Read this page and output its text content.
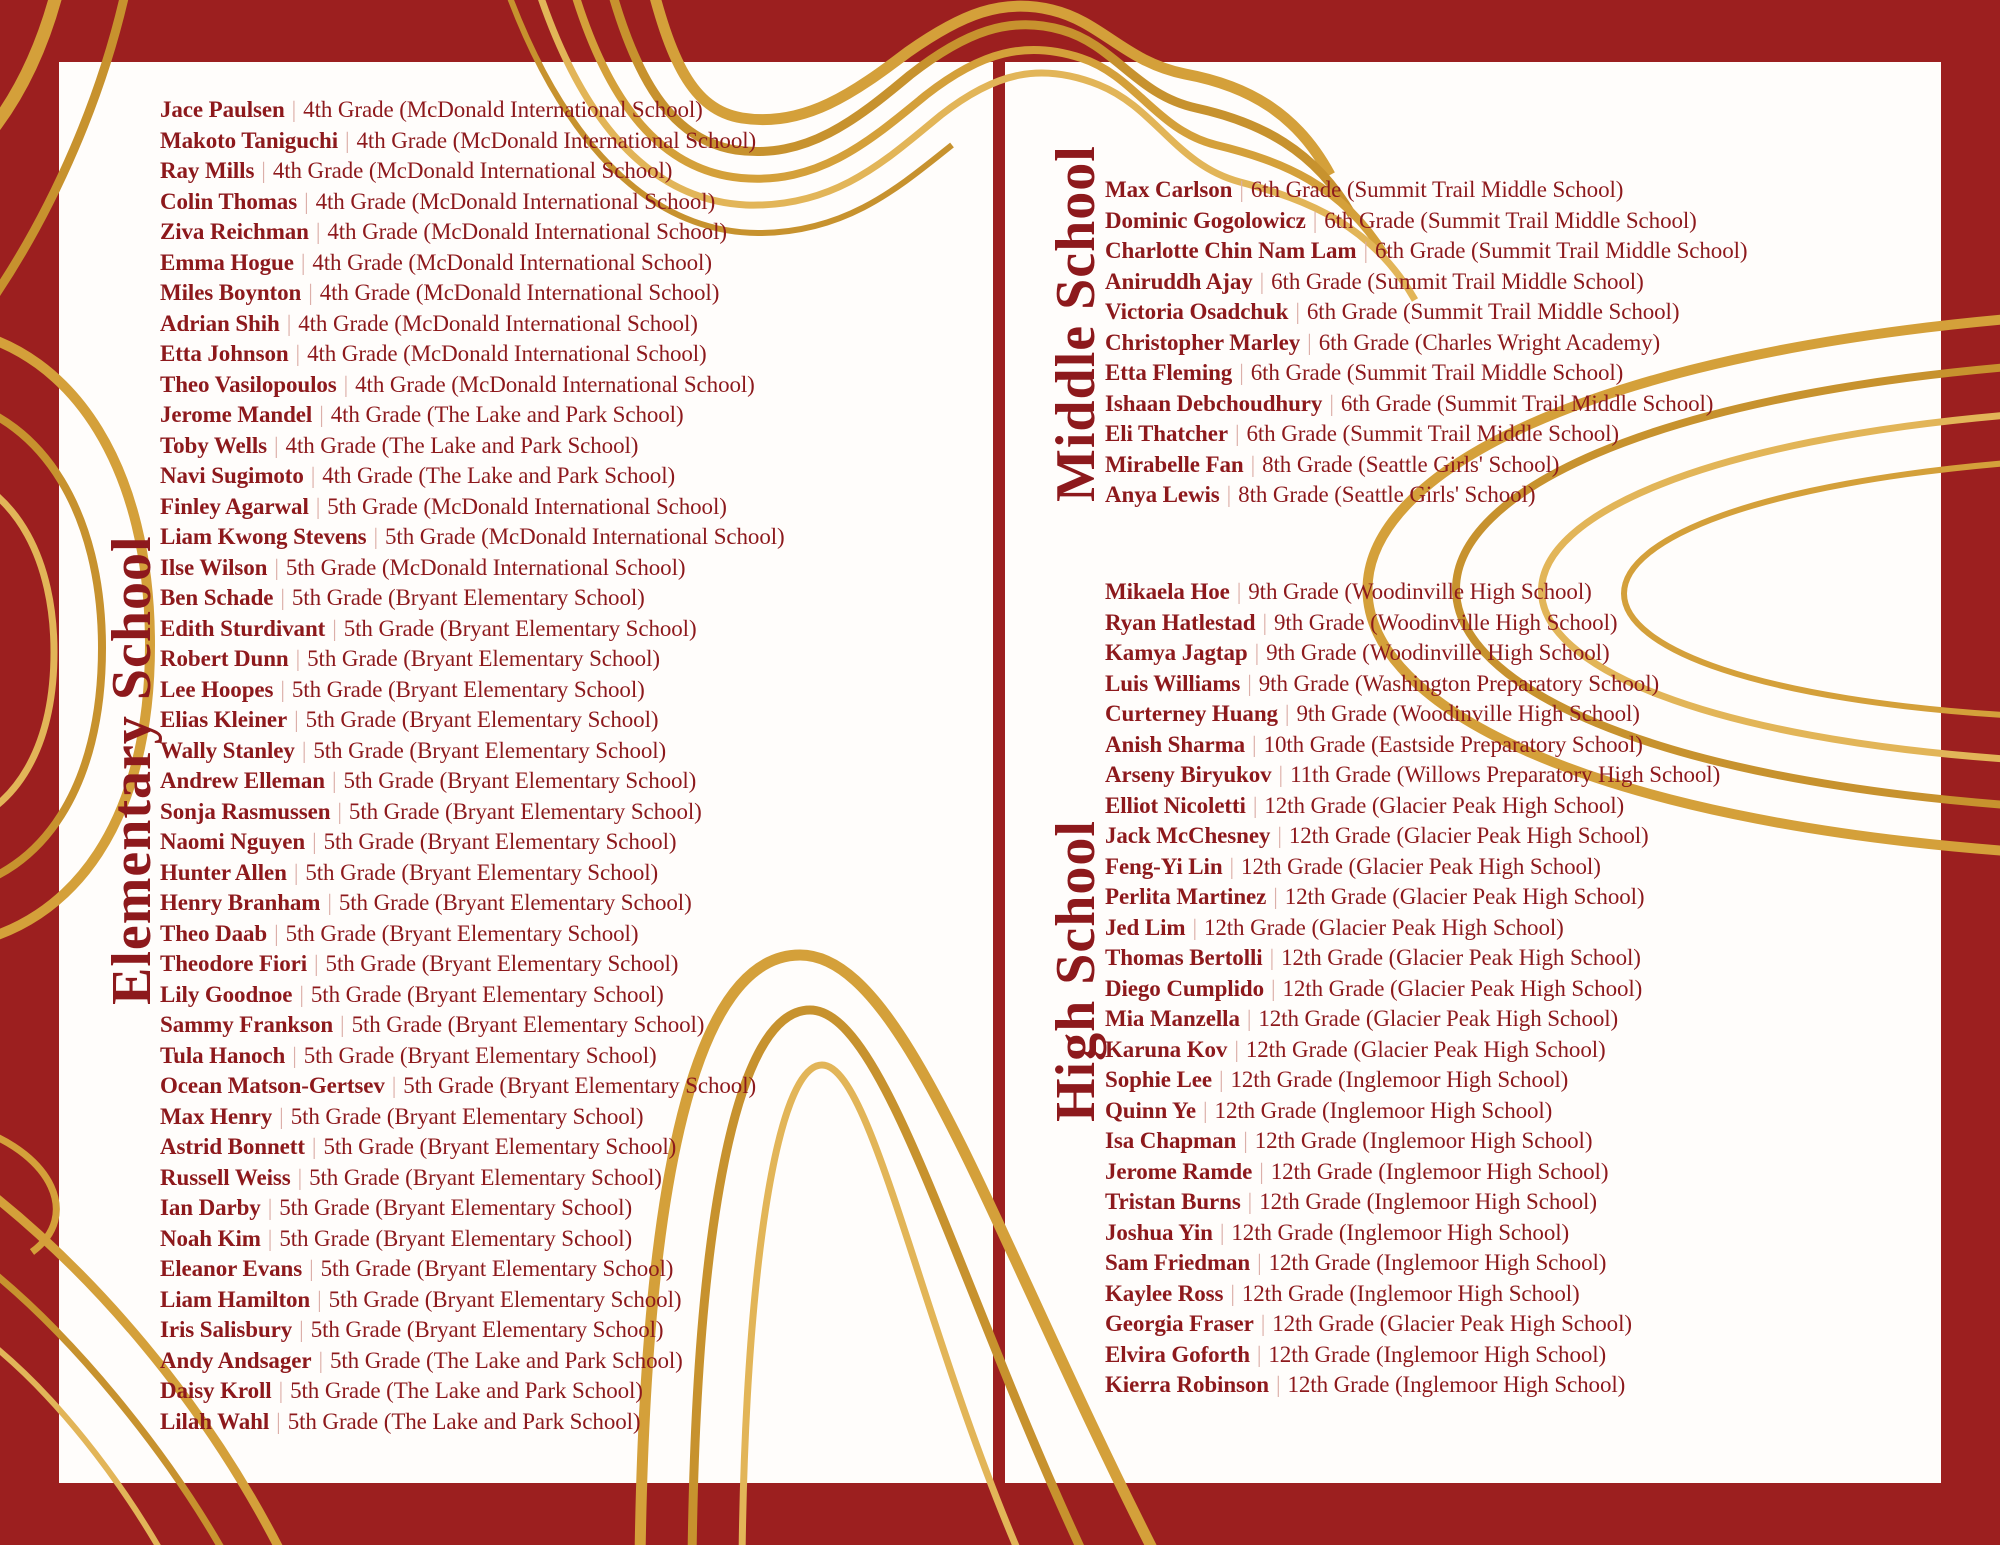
Elementary School
Middle School
High School
Jace Paulsen | 4th Grade (McDonald International School)
Makoto Taniguchi | 4th Grade (McDonald International School)
Ray Mills | 4th Grade (McDonald International School)
Colin Thomas | 4th Grade (McDonald International School)
Ziva Reichman | 4th Grade (McDonald International School)
Emma Hogue | 4th Grade (McDonald International School)
Miles Boynton | 4th Grade (McDonald International School)
Adrian Shih | 4th Grade (McDonald International School)
Etta Johnson | 4th Grade (McDonald International School)
Theo Vasilopoulos | 4th Grade (McDonald International School)
Jerome Mandel | 4th Grade (The Lake and Park School)
Toby Wells | 4th Grade (The Lake and Park School)
Navi Sugimoto | 4th Grade (The Lake and Park School)
Finley Agarwal | 5th Grade (McDonald International School)
Liam Kwong Stevens | 5th Grade (McDonald International School)
Ilse Wilson | 5th Grade (McDonald International School)
Ben Schade | 5th Grade (Bryant Elementary School)
Edith Sturdivant | 5th Grade (Bryant Elementary School)
Robert Dunn | 5th Grade (Bryant Elementary School)
Lee Hoopes | 5th Grade (Bryant Elementary School)
Elias Kleiner | 5th Grade (Bryant Elementary School)
Wally Stanley | 5th Grade (Bryant Elementary School)
Andrew Elleman | 5th Grade (Bryant Elementary School)
Sonja Rasmussen | 5th Grade (Bryant Elementary School)
Naomi Nguyen | 5th Grade (Bryant Elementary School)
Hunter Allen | 5th Grade (Bryant Elementary School)
Henry Branham | 5th Grade (Bryant Elementary School)
Theo Daab | 5th Grade (Bryant Elementary School)
Theodore Fiori | 5th Grade (Bryant Elementary School)
Lily Goodnoe | 5th Grade (Bryant Elementary School)
Sammy Frankson | 5th Grade (Bryant Elementary School)
Tula Hanoch | 5th Grade (Bryant Elementary School)
Ocean Matson-Gertsev | 5th Grade (Bryant Elementary School)
Max Henry | 5th Grade (Bryant Elementary School)
Astrid Bonnett | 5th Grade (Bryant Elementary School)
Russell Weiss | 5th Grade (Bryant Elementary School)
Ian Darby | 5th Grade (Bryant Elementary School)
Noah Kim | 5th Grade (Bryant Elementary School)
Eleanor Evans | 5th Grade (Bryant Elementary School)
Liam Hamilton | 5th Grade (Bryant Elementary School)
Iris Salisbury | 5th Grade (Bryant Elementary School)
Andy Andsager | 5th Grade (The Lake and Park School)
Daisy Kroll | 5th Grade (The Lake and Park School)
Lilah Wahl | 5th Grade (The Lake and Park School)
Max Carlson | 6th Grade (Summit Trail Middle School)
Dominic Gogolowicz | 6th Grade (Summit Trail Middle School)
Charlotte Chin Nam Lam | 6th Grade (Summit Trail Middle School)
Aniruddh Ajay | 6th Grade (Summit Trail Middle School)
Victoria Osadchuk | 6th Grade (Summit Trail Middle School)
Christopher Marley | 6th Grade (Charles Wright Academy)
Etta Fleming | 6th Grade (Summit Trail Middle School)
Ishaan Debchoudhury | 6th Grade (Summit Trail Middle School)
Eli Thatcher | 6th Grade (Summit Trail Middle School)
Mirabelle Fan | 8th Grade (Seattle Girls' School)
Anya Lewis | 8th Grade (Seattle Girls' School)
Mikaela Hoe | 9th Grade (Woodinville High School)
Ryan Hatlestad | 9th Grade (Woodinville High School)
Kamya Jagtap | 9th Grade (Woodinville High School)
Luis Williams | 9th Grade (Washington Preparatory School)
Curterney Huang | 9th Grade (Woodinville High School)
Anish Sharma | 10th Grade (Eastside Preparatory School)
Arseny Biryukov | 11th Grade (Willows Preparatory High School)
Elliot Nicoletti | 12th Grade (Glacier Peak High School)
Jack McChesney | 12th Grade (Glacier Peak High School)
Feng-Yi Lin | 12th Grade (Glacier Peak High School)
Perlita Martinez | 12th Grade (Glacier Peak High School)
Jed Lim | 12th Grade (Glacier Peak High School)
Thomas Bertolli | 12th Grade (Glacier Peak High School)
Diego Cumplido | 12th Grade (Glacier Peak High School)
Mia Manzella | 12th Grade (Glacier Peak High School)
Karuna Kov | 12th Grade (Glacier Peak High School)
Sophie Lee | 12th Grade (Inglemoor High School)
Quinn Ye | 12th Grade (Inglemoor High School)
Isa Chapman | 12th Grade (Inglemoor High School)
Jerome Ramde | 12th Grade (Inglemoor High School)
Tristan Burns | 12th Grade (Inglemoor High School)
Joshua Yin | 12th Grade (Inglemoor High School)
Sam Friedman | 12th Grade (Inglemoor High School)
Kaylee Ross | 12th Grade (Inglemoor High School)
Georgia Fraser | 12th Grade (Glacier Peak High School)
Elvira Goforth | 12th Grade (Inglemoor High School)
Kierra Robinson | 12th Grade (Inglemoor High School)
